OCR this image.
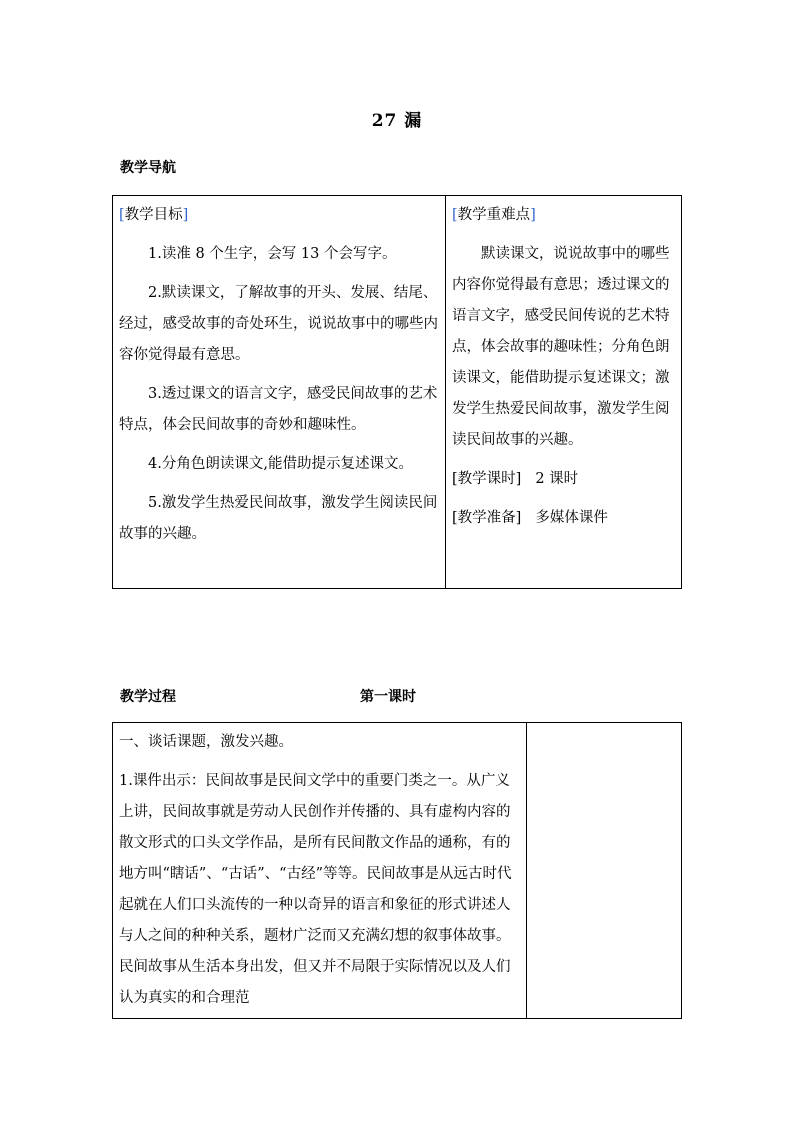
27 漏
教学导航
[教学目标]

1.读准 8 个生字，会写 13 个会写字。

2.默读课文，了解故事的开头、发展、结尾、经过，感受故事的奇处环生，说说故事中的哪些内容你觉得最有意思。

3.透过课文的语言文字，感受民间故事的艺术特点，体会民间故事的奇妙和趣味性。

4.分角色朗读课文,能借助提示复述课文。

5.激发学生热爱民间故事，激发学生阅读民间故事的兴趣。

[教学重难点]

默读课文，说说故事中的哪些内容你觉得最有意思；透过课文的语言文字，感受民间传说的艺术特点，体会故事的趣味性；分角色朗读课文，能借助提示复述课文；激发学生热爱民间故事，激发学生阅读民间故事的兴趣。

[教学课时] 2 课时

[教学准备] 多媒体课件

教学过程	第一课时

一、谈话课题，激发兴趣。

1.课件出示：民间故事是民间文学中的重要门类之一。从广义上讲，民间故事就是劳动人民创作并传播的、具有虚构内容的散文形式的口头文学作品，是所有民间散文作品的通称，有的地方叫“瞎话”、“古话”、“古经”等等。民间故事是从远古时代起就在人们口头流传的一种以奇异的语言和象征的形式讲述人与人之间的种种关系，题材广泛而又充满幻想的叙事体故事。民间故事从生活本身出发，但又并不局限于实际情况以及人们认为真实的和合理范
